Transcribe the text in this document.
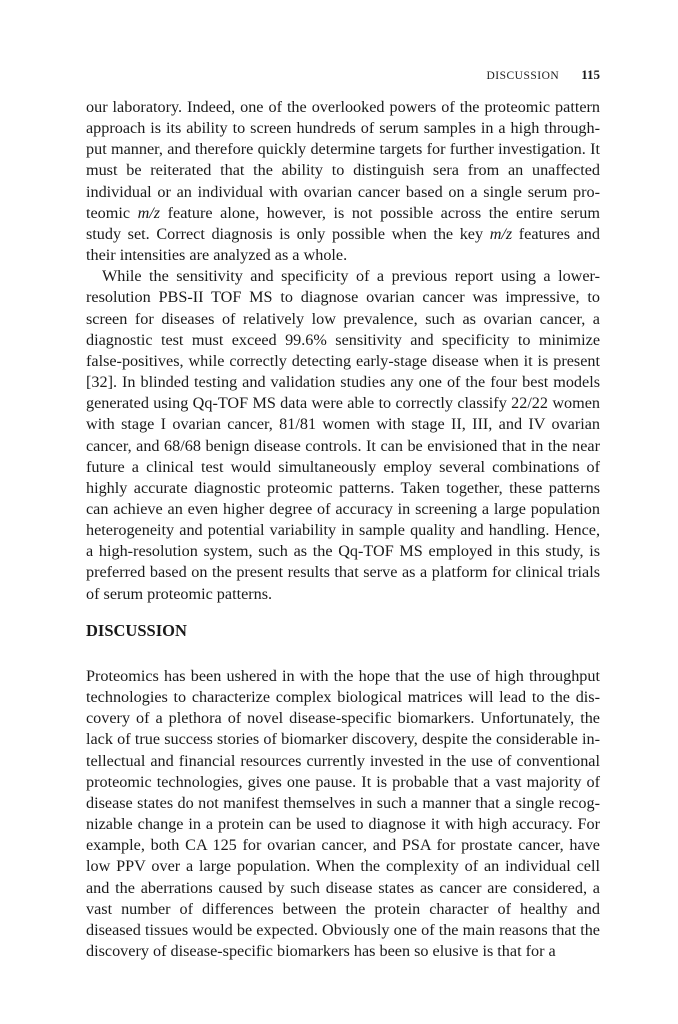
DISCUSSION 115

our laboratory. Indeed, one of the overlooked powers of the proteomic pattern approach is its ability to screen hundreds of serum samples in a high throughput manner, and therefore quickly determine targets for further investigation. It must be reiterated that the ability to distinguish sera from an unaffected individual or an individual with ovarian cancer based on a single serum proteomic m/z feature alone, however, is not possible across the entire serum study set. Correct diagnosis is only possible when the key m/z features and their intensities are analyzed as a whole.

While the sensitivity and specificity of a previous report using a lower-resolution PBS-II TOF MS to diagnose ovarian cancer was impressive, to screen for diseases of relatively low prevalence, such as ovarian cancer, a diagnostic test must exceed 99.6% sensitivity and specificity to minimize false-positives, while correctly detecting early-stage disease when it is present [32]. In blinded testing and validation studies any one of the four best models generated using Qq-TOF MS data were able to correctly classify 22/22 women with stage I ovarian cancer, 81/81 women with stage II, III, and IV ovarian cancer, and 68/68 benign disease controls. It can be envisioned that in the near future a clinical test would simultaneously employ several combinations of highly accurate diagnostic proteomic patterns. Taken together, these patterns can achieve an even higher degree of accuracy in screening a large population heterogeneity and potential variability in sample quality and handling. Hence, a high-resolution system, such as the Qq-TOF MS employed in this study, is preferred based on the present results that serve as a platform for clinical trials of serum proteomic patterns.

DISCUSSION

Proteomics has been ushered in with the hope that the use of high throughput technologies to characterize complex biological matrices will lead to the discovery of a plethora of novel disease-specific biomarkers. Unfortunately, the lack of true success stories of biomarker discovery, despite the considerable intellectual and financial resources currently invested in the use of conventional proteomic technologies, gives one pause. It is probable that a vast majority of disease states do not manifest themselves in such a manner that a single recognizable change in a protein can be used to diagnose it with high accuracy. For example, both CA 125 for ovarian cancer, and PSA for prostate cancer, have low PPV over a large population. When the complexity of an individual cell and the aberrations caused by such disease states as cancer are considered, a vast number of differences between the protein character of healthy and diseased tissues would be expected. Obviously one of the main reasons that the discovery of disease-specific biomarkers has been so elusive is that for a
